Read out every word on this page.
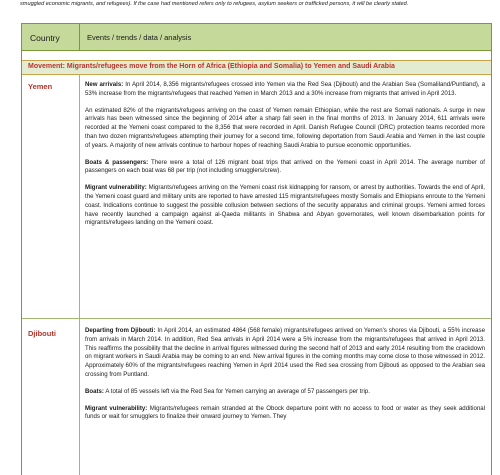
smuggled economic migrants, and refugees). If the case had mentioned refers only to refugees, asylum seekers or trafficked persons, it will be clearly stated.
Country	Events / trends / data / analysis
Movement: Migrants/refugees move from the Horn of Africa (Ethiopia and Somalia) to Yemen and Saudi Arabia
Yemen	New arrivals: In April 2014, 8,356 migrants/refugees crossed into Yemen via the Red Sea (Djibouti) and the Arabian Sea (Somaliland/Puntland), a 53% increase from the migrants/refugees that reached Yemen in March 2013 and a 30% increase from migrants that arrived in April 2013.

An estimated 82% of the migrants/refugees arriving on the coast of Yemen remain Ethiopian, while the rest are Somali nationals. A surge in new arrivals has been witnessed since the beginning of 2014 after a sharp fall seen in the final months of 2013. In January 2014, 611 arrivals were recorded at the Yemeni coast compared to the 8,356 that were recorded in April. Danish Refugee Council (DRC) protection teams recorded more than two dozen migrants/refugees attempting their journey for a second time, following deportation from Saudi Arabia and Yemen in the last couple of years. A majority of new arrivals continue to harbour hopes of reaching Saudi Arabia to pursue economic opportunities.

Boats & passengers: There were a total of 126 migrant boat trips that arrived on the Yemeni coast in April 2014. The average number of passengers on each boat was 68 per trip (not including smugglers/crew).

Migrant vulnerability: Migrants/refugees arriving on the Yemeni coast risk kidnapping for ransom, or arrest by authorities. Towards the end of April, the Yemeni coast guard and military units are reported to have arrested 115 migrants/refugees mostly Somalis and Ethiopians enroute to the Yemeni coast. Indications continue to suggest the possible collusion between sections of the security apparatus and criminal groups. Yemeni armed forces have recently launched a campaign against al-Qaeda militants in Shabwa and Abyan governorates, well known disembarkation points for migrants/refugees landing on the Yemeni coast.

Djibouti	Departing from Djibouti: In April 2014, an estimated 4864 (568 female) migrants/refugees arrived on Yemen's shores via Djibouti, a 55% increase from arrivals in March 2014. In addition, Red Sea arrivals in April 2014 were a 5% increase from the migrants/refugees that arrived in April 2013. This reaffirms the possibility that the decline in arrival figures witnessed during the second half of 2013 and early 2014 resulting from the crackdown on migrant workers in Saudi Arabia may be coming to an end. New arrival figures in the coming months may come close to those witnessed in 2012. Approximately 60% of the migrants/refugees reaching Yemen in April 2014 used the Red sea crossing from Djibouti as opposed to the Arabian sea crossing from Puntland.

Boats: A total of 85 vessels left via the Red Sea for Yemen carrying an average of 57 passengers per trip.

Migrant vulnerability: Migrants/refugees remain stranded at the Obock departure point with no access to food or water as they seek additional funds or wait for smugglers to finalize their onward journey to Yemen. They
